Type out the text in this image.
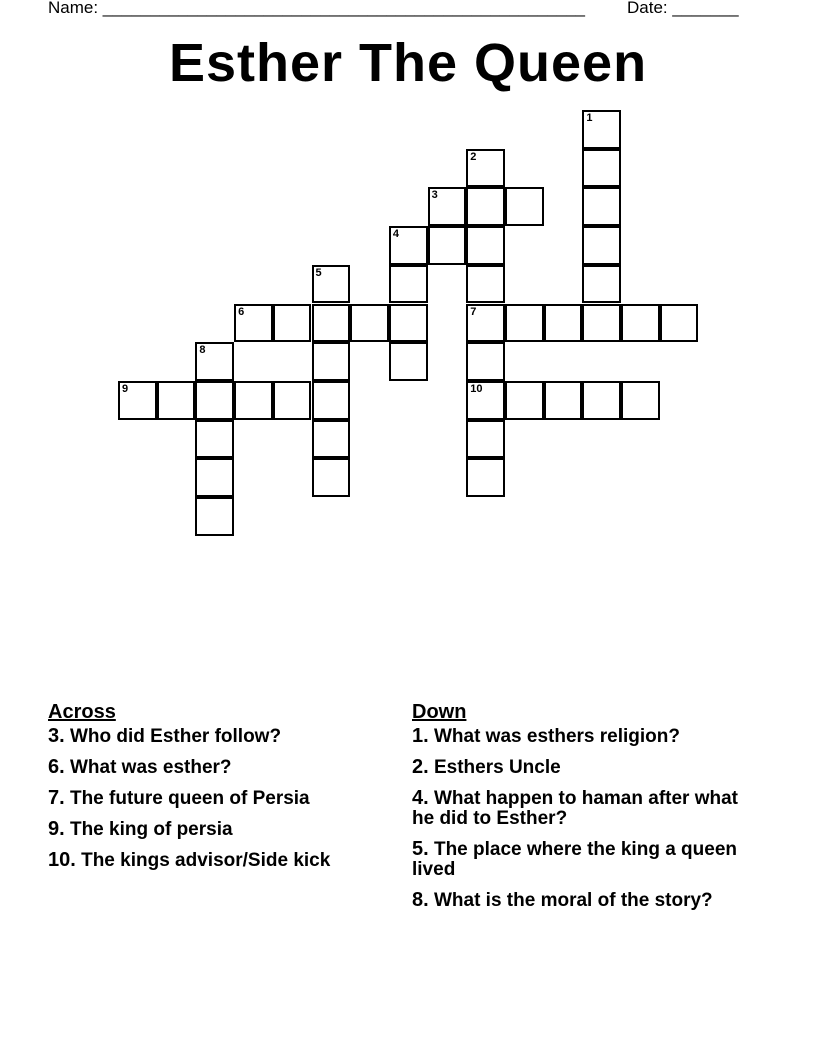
Name: ___________________________________________________ Date: _______
Esther The Queen
1
2
3
4
5
6	7
8
9	10
Across
3. Who did Esther follow?
6. What was esther?
7. The future queen of Persia
9. The king of persia
10. The kings advisor/Side kick
Down
1. What was esthers religion?
2. Esthers Uncle
4. What happen to haman after what he did to Esther?
5. The place where the king a queen lived
8. What is the moral of the story?
